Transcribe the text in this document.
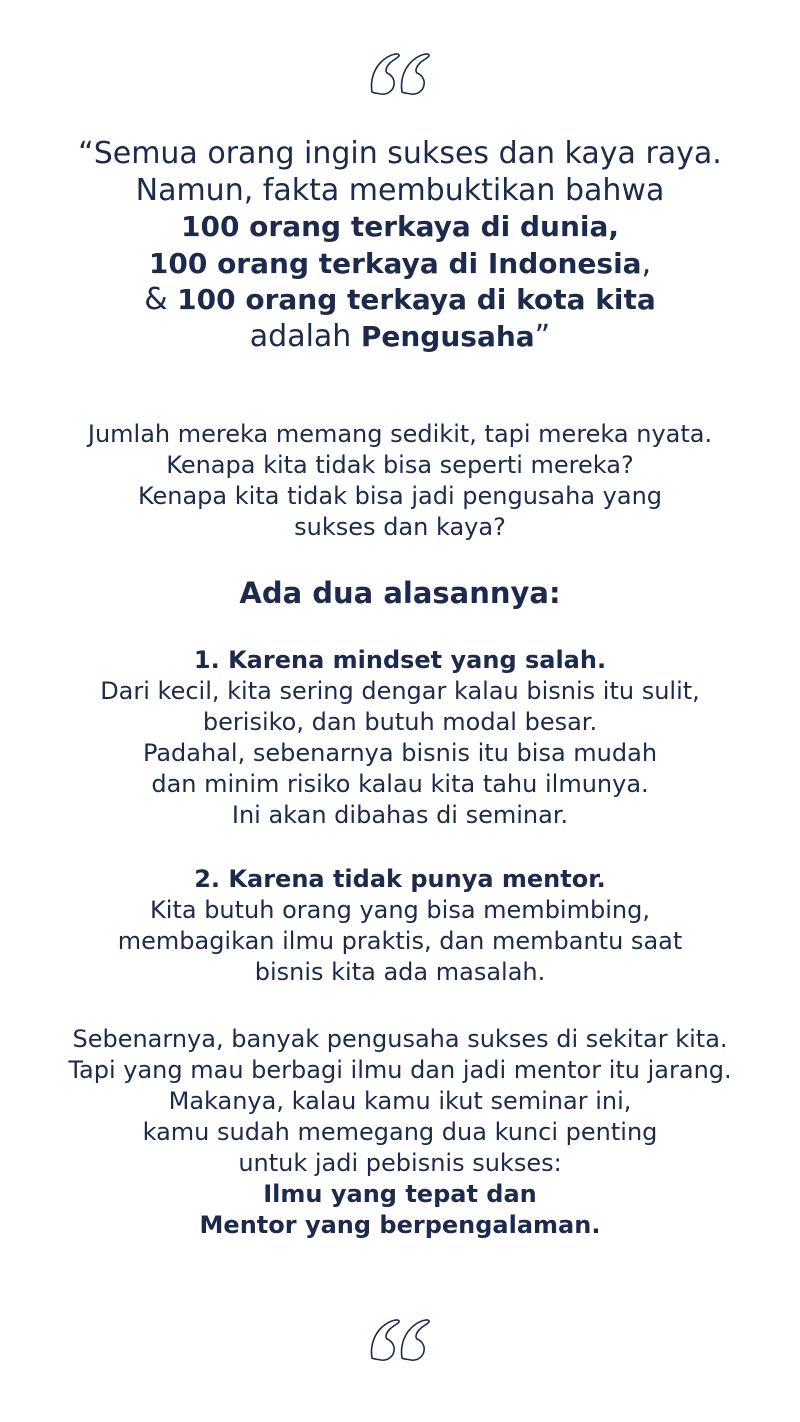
“Semua orang ingin sukses dan kaya raya.
Namun, fakta membuktikan bahwa
100 orang terkaya di dunia,
100 orang terkaya di Indonesia,
& 100 orang terkaya di kota kita
adalah Pengusaha”
Jumlah mereka memang sedikit, tapi mereka nyata.
Kenapa kita tidak bisa seperti mereka?
Kenapa kita tidak bisa jadi pengusaha yang
sukses dan kaya?
Ada dua alasannya:
1. Karena mindset yang salah.
Dari kecil, kita sering dengar kalau bisnis itu sulit,
berisiko, dan butuh modal besar.
Padahal, sebenarnya bisnis itu bisa mudah
dan minim risiko kalau kita tahu ilmunya.
Ini akan dibahas di seminar.
2. Karena tidak punya mentor.
Kita butuh orang yang bisa membimbing,
membagikan ilmu praktis, dan membantu saat
bisnis kita ada masalah.
Sebenarnya, banyak pengusaha sukses di sekitar kita.
Tapi yang mau berbagi ilmu dan jadi mentor itu jarang.
Makanya, kalau kamu ikut seminar ini,
kamu sudah memegang dua kunci penting
untuk jadi pebisnis sukses:
Ilmu yang tepat dan
Mentor yang berpengalaman.
